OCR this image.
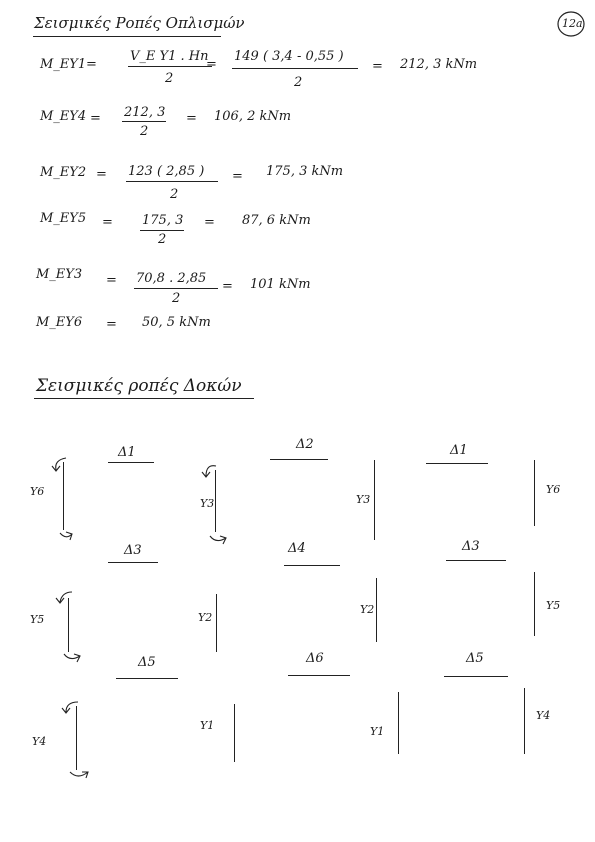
12a
Σεισμικές Ροπές Οπλισμών
M_EY1 =
V_E Y1 . Hn
2
=
149 ( 3,4 - 0,55 )
2
= 212, 3 kNm
M_EY4 = 212, 3
2
= 106, 2 kNm
M_EY2 = 123 ( 2,85 )
2
= 175, 3 kNm
M_EY5 = 175, 3
2
= 87, 6 kNm
M_EY3 = 70,8 . 2,85
2
= 101 kNm
M_EY6 = 50, 5 kNm
Σεισμικές ροπές Δοκών
Δ1
Δ2	Δ1
Y6
Y3	Y3
Y6
Δ3	Δ4	Δ3
Y5	Y2
Y2	Y5
Δ5	Δ6	Δ5
Y4
Y1	Y1
Y4
